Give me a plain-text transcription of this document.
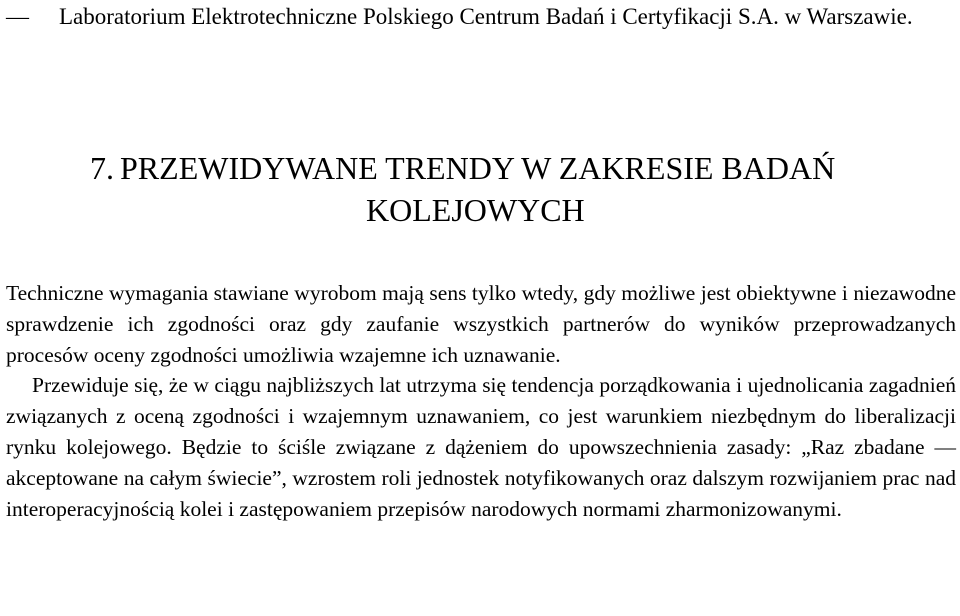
—	Laboratorium Elektrotechniczne Polskiego Centrum Badań i Certyfikacji S.A. w Warszawie.
7. PRZEWIDYWANE TRENDY W ZAKRESIE BADAŃ
KOLEJOWYCH

Techniczne wymagania stawiane wyrobom mają sens tylko wtedy, gdy możliwe jest obiektywne i niezawodne sprawdzenie ich zgodności oraz gdy zaufanie wszystkich partnerów do wyników przeprowadzanych procesów oceny zgodności umożliwia wzajemne ich uznawanie.

Przewiduje się, że w ciągu najbliższych lat utrzyma się tendencja porządkowania i ujednolicania zagadnień związanych z oceną zgodności i wzajemnym uznawaniem, co jest warunkiem niezbędnym do liberalizacji rynku kolejowego. Będzie to ściśle związane z dążeniem do upowszechnienia zasady: „Raz zbadane — akceptowane na całym świecie”, wzrostem roli jednostek notyfikowanych oraz dalszym rozwijaniem prac nad interoperacyjnością kolei i zastępowaniem przepisów narodowych normami zharmonizowanymi.
